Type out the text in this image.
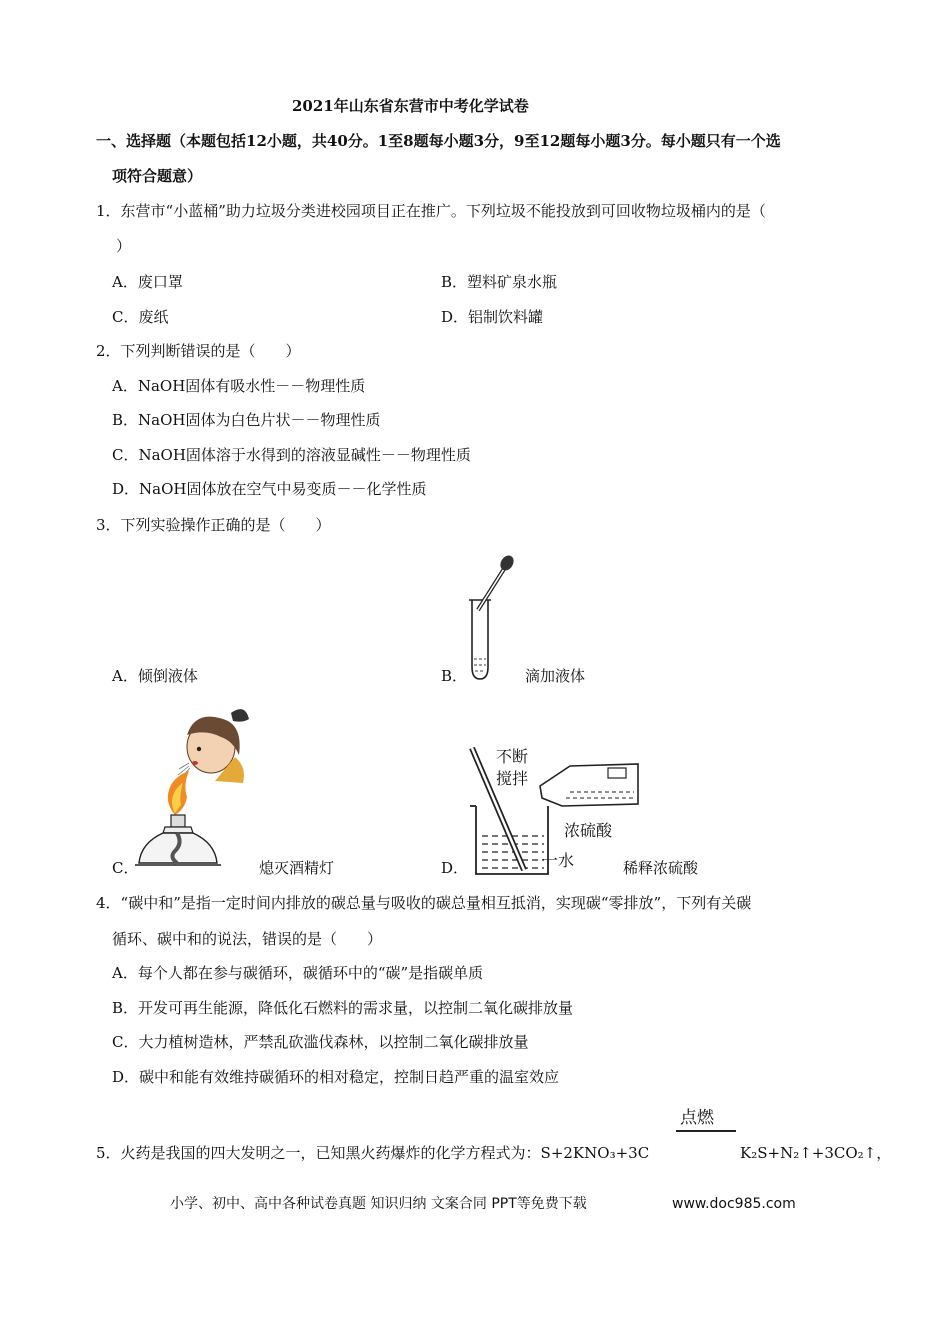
2021年山东省东营市中考化学试卷
一、选择题（本题包括12小题，共40分。1至8题每小题3分，9至12题每小题3分。每小题只有一个选
项符合题意）
1．东营市“小蓝桶”助力垃圾分类进校园项目正在推广。下列垃圾不能投放到可回收物垃圾桶内的是（
）
A．废口罩	B．塑料矿泉水瓶
C．废纸	D．铝制饮料罐
2．下列判断错误的是（　　）
A．NaOH固体有吸水性－－物理性质
B．NaOH固体为白色片状－－物理性质
C．NaOH固体溶于水得到的溶液显碱性－－物理性质
D．NaOH固体放在空气中易变质－－化学性质
3．下列实验操作正确的是（　　）
A．倾倒液体	B．	滴加液体
C．	熄灭酒精灯
不断
搅拌
浓硫酸
一水
D．	稀释浓硫酸
4．“碳中和”是指一定时间内排放的碳总量与吸收的碳总量相互抵消，实现碳“零排放”，下列有关碳
循环、碳中和的说法，错误的是（　　）
A．每个人都在参与碳循环，碳循环中的“碳”是指碳单质
B．开发可再生能源，降低化石燃料的需求量，以控制二氧化碳排放量
C．大力植树造林，严禁乱砍滥伐森林，以控制二氧化碳排放量
D．碳中和能有效维持碳循环的相对稳定，控制日趋严重的温室效应
点燃
5．火药是我国的四大发明之一，已知黑火药爆炸的化学方程式为：S+2KNO₃+3C	K₂S+N₂↑+3CO₂↑，
小学、初中、高中各种试卷真题 知识归纳 文案合同 PPT等免费下载	www.doc985.com
